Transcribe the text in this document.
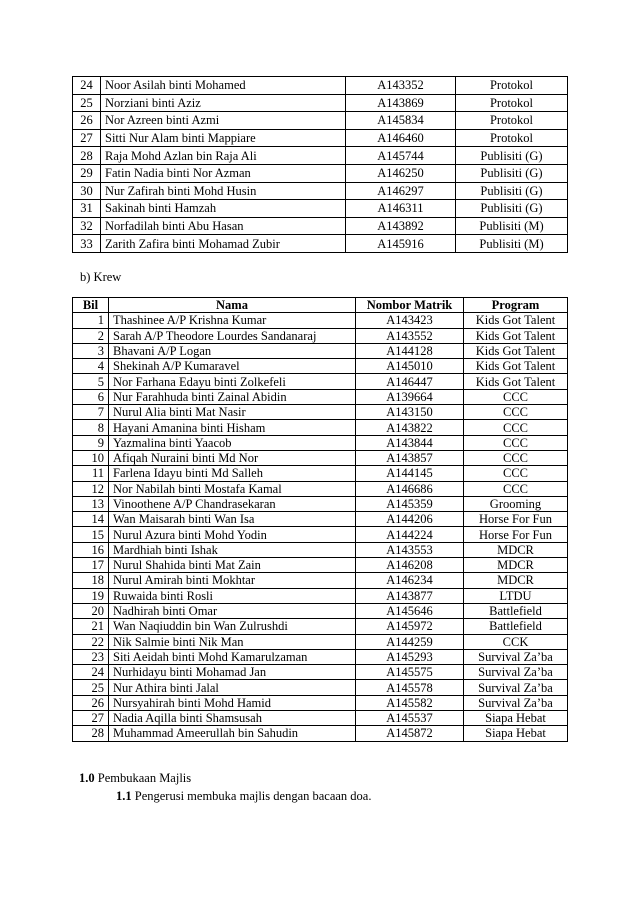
24	Noor Asilah binti Mohamed	A143352	Protokol
25	Norziani binti Aziz	A143869	Protokol
26	Nor Azreen binti Azmi	A145834	Protokol
27	Sitti Nur Alam binti Mappiare	A146460	Protokol
28	Raja Mohd Azlan bin Raja Ali	A145744	Publisiti (G)
29	Fatin Nadia binti Nor Azman	A146250	Publisiti (G)
30	Nur Zafirah binti Mohd Husin	A146297	Publisiti (G)
31	Sakinah binti Hamzah	A146311	Publisiti (G)
32	Norfadilah binti Abu Hasan	A143892	Publisiti (M)
33	Zarith Zafira binti Mohamad Zubir	A145916	Publisiti (M)
b) Krew
Bil	Nama	Nombor Matrik	Program
1	Thashinee A/P Krishna Kumar	A143423	Kids Got Talent
2	Sarah A/P Theodore Lourdes Sandanaraj	A143552	Kids Got Talent
3	Bhavani A/P Logan	A144128	Kids Got Talent
4	Shekinah A/P Kumaravel	A145010	Kids Got Talent
5	Nor Farhana Edayu binti Zolkefeli	A146447	Kids Got Talent
6	Nur Farahhuda binti Zainal Abidin	A139664	CCC
7	Nurul Alia binti Mat Nasir	A143150	CCC
8	Hayani Amanina binti Hisham	A143822	CCC
9	Yazmalina binti Yaacob	A143844	CCC
10	Afiqah Nuraini binti Md Nor	A143857	CCC
11	Farlena Idayu binti Md Salleh	A144145	CCC
12	Nor Nabilah binti Mostafa Kamal	A146686	CCC
13	Vinoothene A/P Chandrasekaran	A145359	Grooming
14	Wan Maisarah binti Wan Isa	A144206	Horse For Fun
15	Nurul Azura binti Mohd Yodin	A144224	Horse For Fun
16	Mardhiah binti Ishak	A143553	MDCR
17	Nurul Shahida binti Mat Zain	A146208	MDCR
18	Nurul Amirah binti Mokhtar	A146234	MDCR
19	Ruwaida binti Rosli	A143877	LTDU
20	Nadhirah binti Omar	A145646	Battlefield
21	Wan Naqiuddin bin Wan Zulrushdi	A145972	Battlefield
22	Nik Salmie binti Nik Man	A144259	CCK
23	Siti Aeidah binti Mohd Kamarulzaman	A145293	Survival Za’ba
24	Nurhidayu binti Mohamad Jan	A145575	Survival Za’ba
25	Nur Athira binti Jalal	A145578	Survival Za’ba
26	Nursyahirah binti Mohd Hamid	A145582	Survival Za’ba
27	Nadia Aqilla binti Shamsusah	A145537	Siapa Hebat
28	Muhammad Ameerullah bin Sahudin	A145872	Siapa Hebat
1.0 Pembukaan Majlis
1.1 Pengerusi membuka majlis dengan bacaan doa.
